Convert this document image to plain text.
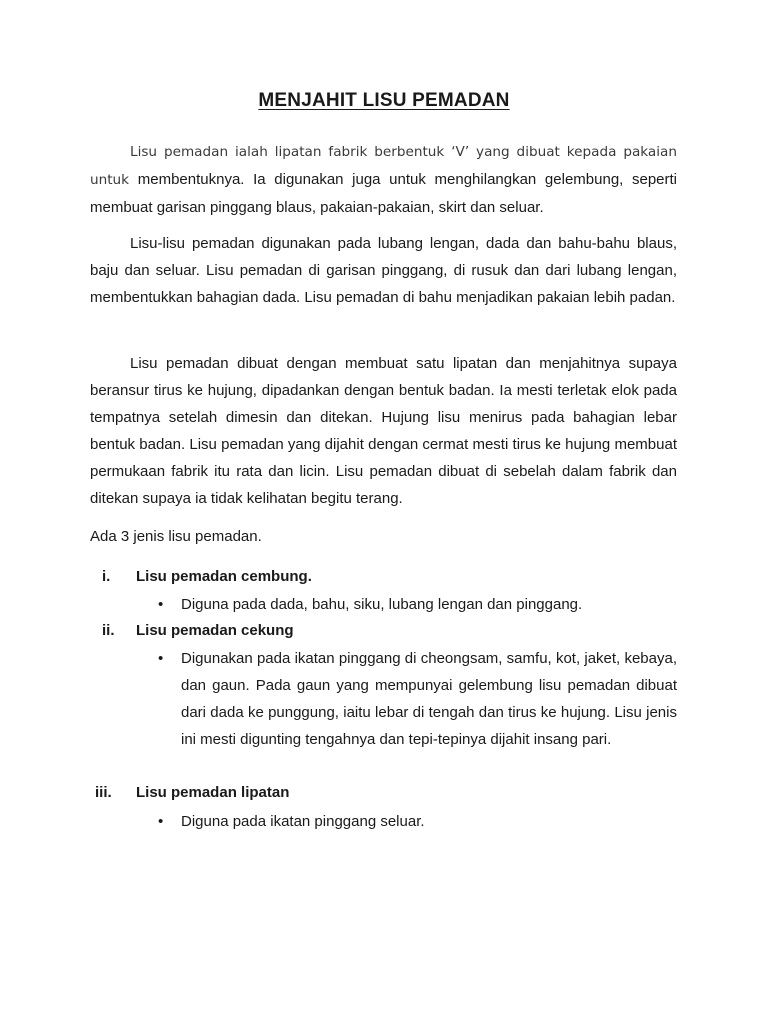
MENJAHIT LISU PEMADAN

Lisu pemadan ialah lipatan fabrik berbentuk ‘V’ yang dibuat kepada pakaian untuk membentuknya. Ia digunakan juga untuk menghilangkan gelembung, seperti membuat garisan pinggang blaus, pakaian-pakaian, skirt dan seluar.

Lisu-lisu pemadan digunakan pada lubang lengan, dada dan bahu-bahu blaus, baju dan seluar. Lisu pemadan di garisan pinggang, di rusuk dan dari lubang lengan, membentukkan bahagian dada. Lisu pemadan di bahu menjadikan pakaian lebih padan.

Lisu pemadan dibuat dengan membuat satu lipatan dan menjahitnya supaya beransur tirus ke hujung, dipadankan dengan bentuk badan. Ia mesti terletak elok pada tempatnya setelah dimesin dan ditekan. Hujung lisu menirus pada bahagian lebar bentuk badan. Lisu pemadan yang dijahit dengan cermat mesti tirus ke hujung membuat permukaan fabrik itu rata dan licin. Lisu pemadan dibuat di sebelah dalam fabrik dan ditekan supaya ia tidak kelihatan begitu terang.

Ada 3 jenis lisu pemadan.
i. Lisu pemadan cembung.
• Diguna pada dada, bahu, siku, lubang lengan dan pinggang.
ii. Lisu pemadan cekung
• Digunakan pada ikatan pinggang di cheongsam, samfu, kot, jaket, kebaya, dan gaun. Pada gaun yang mempunyai gelembung lisu pemadan dibuat dari dada ke punggung, iaitu lebar di tengah dan tirus ke hujung. Lisu jenis ini mesti digunting tengahnya dan tepi-tepinya dijahit insang pari.
iii. Lisu pemadan lipatan
• Diguna pada ikatan pinggang seluar.
